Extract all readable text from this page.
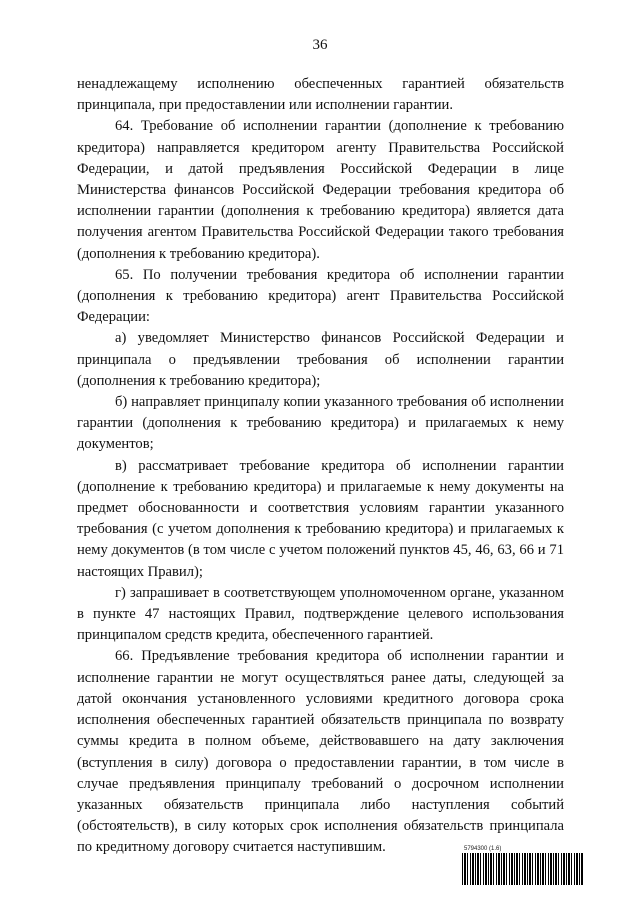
36

ненадлежащему исполнению обеспеченных гарантией обязательств принципала, при предоставлении или исполнении гарантии.

64. Требование об исполнении гарантии (дополнение к требованию кредитора) направляется кредитором агенту Правительства Российской Федерации, и датой предъявления Российской Федерации в лице Министерства финансов Российской Федерации требования кредитора об исполнении гарантии (дополнения к требованию кредитора) является дата получения агентом Правительства Российской Федерации такого требования (дополнения к требованию кредитора).

65. По получении требования кредитора об исполнении гарантии (дополнения к требованию кредитора) агент Правительства Российской Федерации:

а) уведомляет Министерство финансов Российской Федерации и принципала о предъявлении требования об исполнении гарантии (дополнения к требованию кредитора);

б) направляет принципалу копии указанного требования об исполнении гарантии (дополнения к требованию кредитора) и прилагаемых к нему документов;

в) рассматривает требование кредитора об исполнении гарантии (дополнение к требованию кредитора) и прилагаемые к нему документы на предмет обоснованности и соответствия условиям гарантии указанного требования (с учетом дополнения к требованию кредитора) и прилагаемых к нему документов (в том числе с учетом положений пунктов 45, 46, 63, 66 и 71 настоящих Правил);

г) запрашивает в соответствующем уполномоченном органе, указанном в пункте 47 настоящих Правил, подтверждение целевого использования принципалом средств кредита, обеспеченного гарантией.

66. Предъявление требования кредитора об исполнении гарантии и исполнение гарантии не могут осуществляться ранее даты, следующей за датой окончания установленного условиями кредитного договора срока исполнения обеспеченных гарантией обязательств принципала по возврату суммы кредита в полном объеме, действовавшего на дату заключения (вступления в силу) договора о предоставлении гарантии, в том числе в случае предъявления принципалу требований о досрочном исполнении указанных обязательств принципала либо наступления событий (обстоятельств), в силу которых срок исполнения обязательств принципала по кредитному договору считается наступившим.	5794300 (1.6)
